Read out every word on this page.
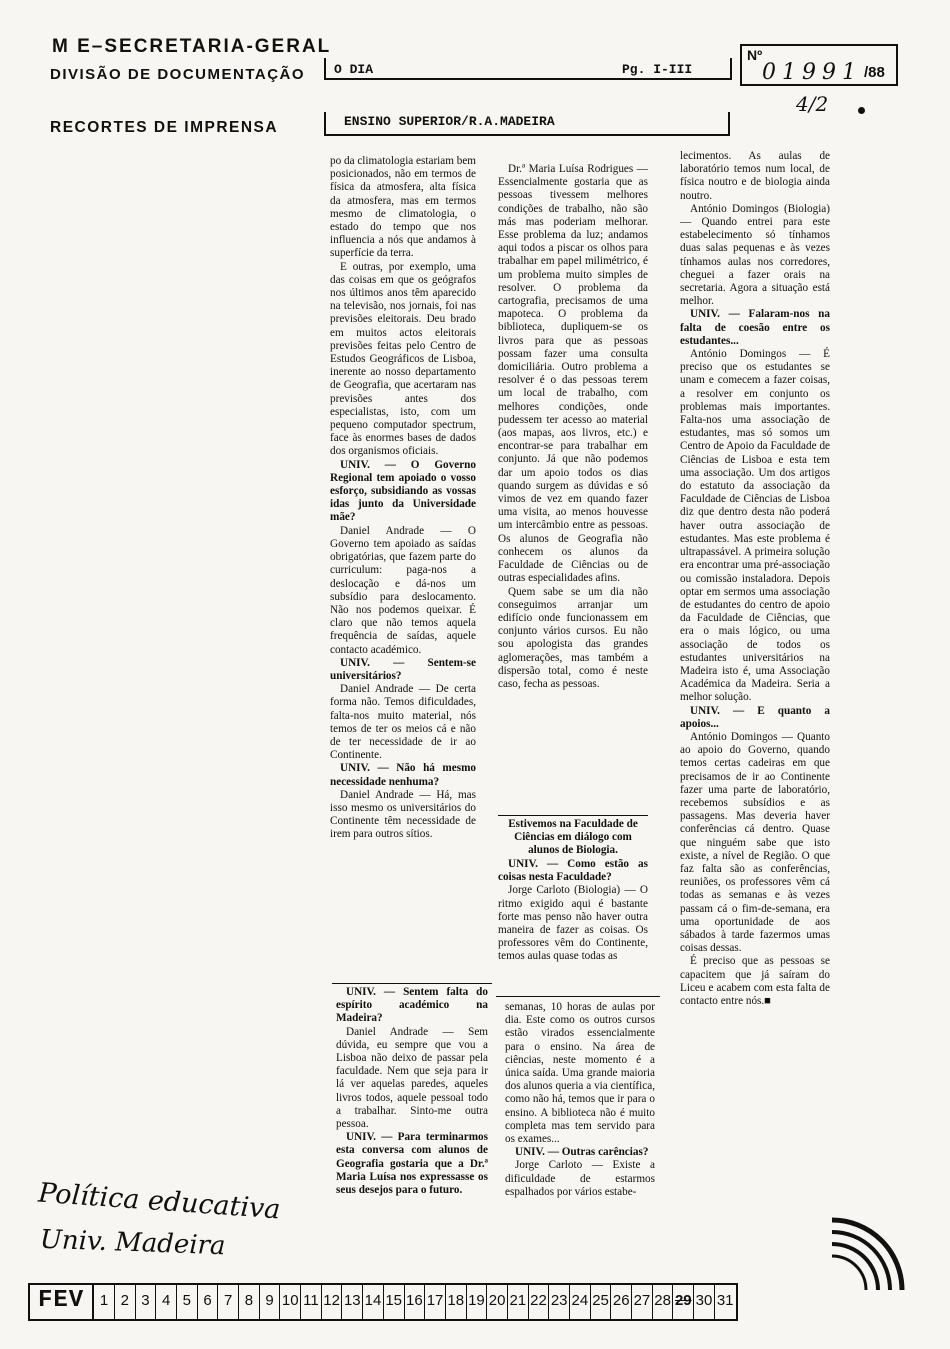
M E–SECRETARIA-GERAL
DIVISÃO DE DOCUMENTAÇÃO
RECORTES DE IMPRENSA
O DIA	Pg. I-III
ENSINO SUPERIOR/R.A.MADEIRA
Nº
01991 /88
4/2

po da climatologia estariam bem posicionados, não em termos de física da atmosfera, alta física da atmosfera, mas em termos mesmo de climatologia, o estado do tempo que nos influencia a nós que andamos à superfície da terra.

E outras, por exemplo, uma das coisas em que os geógrafos nos últimos anos têm aparecido na televisão, nos jornais, foi nas previsões eleitorais. Deu brado em muitos actos eleitorais previsões feitas pelo Centro de Estudos Geográficos de Lisboa, inerente ao nosso departamento de Geografia, que acertaram nas previsões antes dos especialistas, isto, com um pequeno computador spectrum, face às enormes bases de dados dos organismos oficiais.

UNIV. — O Governo Regional tem apoiado o vosso esforço, subsidiando as vossas idas junto da Universidade mãe?

Daniel Andrade — O Governo tem apoiado as saídas obrigatórias, que fazem parte do curriculum: paga-nos a deslocação e dá-nos um subsídio para deslocamento. Não nos podemos queixar. É claro que não temos aquela frequência de saídas, aquele contacto académico.

UNIV. — Sentem-se universitários?

Daniel Andrade — De certa forma não. Temos dificuldades, falta-nos muito material, nós temos de ter os meios cá e não de ter necessidade de ir ao Continente.

UNIV. — Não há mesmo necessidade nenhuma?

Daniel Andrade — Há, mas isso mesmo os universitários do Continente têm necessidade de irem para outros sítios.

UNIV. — Sentem falta do espírito académico na Madeira?

Daniel Andrade — Sem dúvida, eu sempre que vou a Lisboa não deixo de passar pela faculdade. Nem que seja para ir lá ver aquelas paredes, aqueles livros todos, aquele pessoal todo a trabalhar. Sinto-me outra pessoa.

UNIV. — Para terminarmos esta conversa com alunos de Geografia gostaria que a Dr.ª Maria Luísa nos expressasse os seus desejos para o futuro.

Dr.ª Maria Luísa Rodrigues — Essencialmente gostaria que as pessoas tivessem melhores condições de trabalho, não são más mas poderiam melhorar. Esse problema da luz; andamos aqui todos a piscar os olhos para trabalhar em papel milimétrico, é um problema muito simples de resolver. O problema da cartografia, precisamos de uma mapoteca. O problema da biblioteca, dupliquem-se os livros para que as pessoas possam fazer uma consulta domiciliária. Outro problema a resolver é o das pessoas terem um local de trabalho, com melhores condições, onde pudessem ter acesso ao material (aos mapas, aos livros, etc.) e encontrar-se para trabalhar em conjunto. Já que não podemos dar um apoio todos os dias quando surgem as dúvidas e só vimos de vez em quando fazer uma visita, ao menos houvesse um intercâmbio entre as pessoas. Os alunos de Geografia não conhecem os alunos da Faculdade de Ciências ou de outras especialidades afins.

Quem sabe se um dia não conseguimos arranjar um edifício onde funcionassem em conjunto vários cursos. Eu não sou apologista das grandes aglomerações, mas também a dispersão total, como é neste caso, fecha as pessoas.

Estivemos na Faculdade de Ciências em diálogo com alunos de Biologia.

UNIV. — Como estão as coisas nesta Faculdade?

Jorge Carloto (Biologia) — O ritmo exigido aqui é bastante forte mas penso não haver outra maneira de fazer as coisas. Os professores vêm do Continente, temos aulas quase todas as

semanas, 10 horas de aulas por dia. Este como os outros cursos estão virados essencialmente para o ensino. Na área de ciências, neste momento é a única saída. Uma grande maioria dos alunos queria a via científica, como não há, temos que ir para o ensino. A biblioteca não é muito completa mas tem servido para os exames...

UNIV. — Outras carências?

Jorge Carloto — Existe a dificuldade de estarmos espalhados por vários estabe-

lecimentos. As aulas de laboratório temos num local, de física noutro e de biologia ainda noutro.

António Domingos (Biologia) — Quando entrei para este estabelecimento só tínhamos duas salas pequenas e às vezes tínhamos aulas nos corredores, cheguei a fazer orais na secretaria. Agora a situação está melhor.

UNIV. — Falaram-nos na falta de coesão entre os estudantes...

António Domingos — É preciso que os estudantes se unam e comecem a fazer coisas, a resolver em conjunto os problemas mais importantes. Falta-nos uma associação de estudantes, mas só somos um Centro de Apoio da Faculdade de Ciências de Lisboa e esta tem uma associação. Um dos artigos do estatuto da associação da Faculdade de Ciências de Lisboa diz que dentro desta não poderá haver outra associação de estudantes. Mas este problema é ultrapassável. A primeira solução era encontrar uma pré-associação ou comissão instaladora. Depois optar em sermos uma associação de estudantes do centro de apoio da Faculdade de Ciências, que era o mais lógico, ou uma associação de todos os estudantes universitários na Madeira isto é, uma Associação Académica da Madeira. Seria a melhor solução.

UNIV. — E quanto a apoios...

António Domingos — Quanto ao apoio do Governo, quando temos certas cadeiras em que precisamos de ir ao Continente fazer uma parte de laboratório, recebemos subsídios e as passagens. Mas deveria haver conferências cá dentro. Quase que ninguém sabe que isto existe, a nível de Região. O que faz falta são as conferências, reuniões, os professores vêm cá todas as semanas e às vezes passam cá o fim-de-semana, era uma oportunidade de aos sábados à tarde fazermos umas coisas dessas.

É preciso que as pessoas se capacitem que já saíram do Liceu e acabem com esta falta de contacto entre nós.■

Política educativa
Univ. Madeira
FEV	1 2 3 4 5 6 7 8 9 10 11 12 13 14 15 16 17 18 19 20 21 22 23 24 25 26 27 28 29 30 31
